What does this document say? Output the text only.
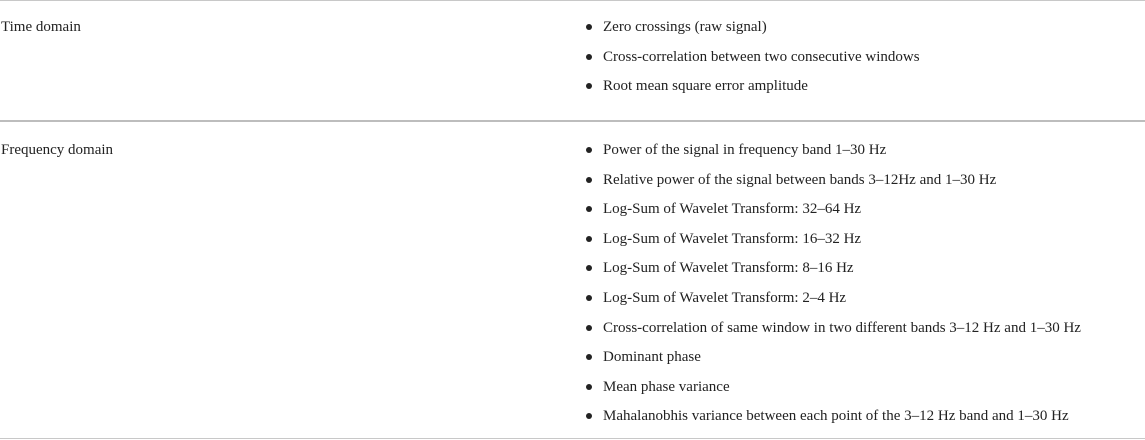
Time domain	Zero crossings (raw signal)
Cross-correlation between two consecutive windows
Root mean square error amplitude
Frequency domain	Power of the signal in frequency band 1–30 Hz
Relative power of the signal between bands 3–12Hz and 1–30 Hz
Log-Sum of Wavelet Transform: 32–64 Hz
Log-Sum of Wavelet Transform: 16–32 Hz
Log-Sum of Wavelet Transform: 8–16 Hz
Log-Sum of Wavelet Transform: 2–4 Hz
Cross-correlation of same window in two different bands 3–12 Hz and 1–30 Hz
Dominant phase
Mean phase variance
Mahalanobhis variance between each point of the 3–12 Hz band and 1–30 Hz
